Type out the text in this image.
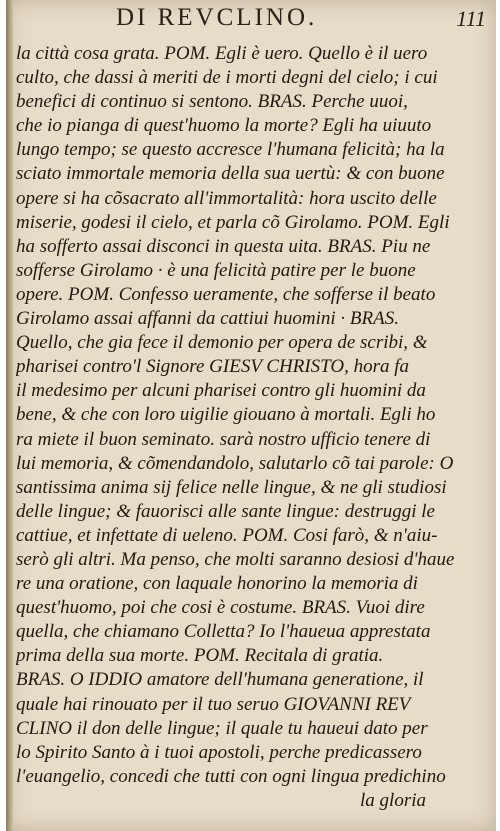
DI REVCLINO.	111
la città cosa grata. POM. Egli è uero. Quello è il uero
culto, che dassi à meriti de i morti degni del cielo; i cui
benefici di continuo si sentono. BRAS. Perche uuoi,
che io pianga di quest'huomo la morte? Egli ha uiuuto
lungo tempo; se questo accresce l'humana felicità; ha la
sciato immortale memoria della sua uertù: & con buone
opere si ha cõsacrato all'immortalità: hora uscito delle
miserie, godesi il cielo, et parla cõ Girolamo. POM. Egli
ha sofferto assai disconci in questa uita. BRAS. Piu ne
sofferse Girolamo · è una felicità patire per le buone
opere. POM. Confesso ueramente, che sofferse il beato
Girolamo assai affanni da cattiui huomini · BRAS.
Quello, che gia fece il demonio per opera de scribi, &
pharisei contro'l Signore GIESV CHRISTO, hora fa
il medesimo per alcuni pharisei contro gli huomini da
bene, & che con loro uigilie giouano à mortali. Egli ho
ra miete il buon seminato. sarà nostro ufficio tenere di
lui memoria, & cõmendandolo, salutarlo cõ tai parole: O
santissima anima sij felice nelle lingue, & ne gli studiosi
delle lingue; & fauorisci alle sante lingue: destruggi le
cattiue, et infettate di ueleno. POM. Cosi farò, & n'aiu-
serò gli altri. Ma penso, che molti saranno desiosi d'haue
re una oratione, con laquale honorino la memoria di
quest'huomo, poi che cosi è costume. BRAS. Vuoi dire
quella, che chiamano Colletta? Io l'haueua apprestata
prima della sua morte. POM. Recitala di gratia.
BRAS. O IDDIO amatore dell'humana generatione, il
quale hai rinouato per il tuo seruo GIOVANNI REV
CLINO il don delle lingue; il quale tu haueui dato per
lo Spirito Santo à i tuoi apostoli, perche predicassero
l'euangelio, concedi che tutti con ogni lingua predichino
la gloria
